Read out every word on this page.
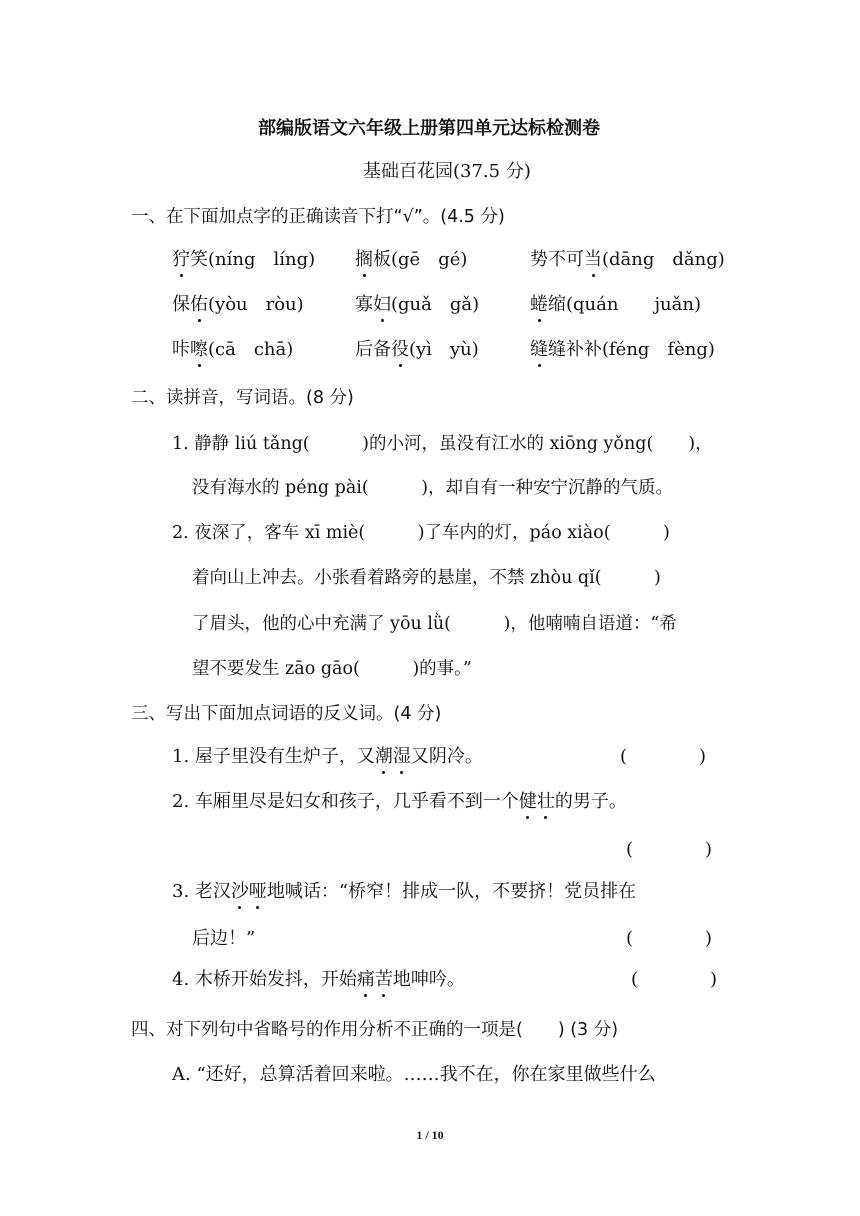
部编版语文六年级上册第四单元达标检测卷
基础百花园(37.5 分)
一、在下面加点字的正确读音下打“√”。(4.5 分)
狞笑(níng　líng) 搁板(gē　gé)	势不可当(dāng　dǎng)
保佑(yòu　ròu)	寡妇(guǎ　gǎ)	蜷缩(quán　　juǎn)
咔嚓(cā　chā)	后备役(yì　yù)	缝缝补补(féng　fèng)
二、读拼音，写词语。(8 分)
1. 静静 liú tǎng(　　　)的小河，虽没有江水的 xiōng yǒng(　　)，
没有海水的 péng pài(　　　)，却自有一种安宁沉静的气质。
2. 夜深了，客车 xī miè(　　　)了车内的灯，páo xiào(　　　)
着向山上冲去。小张看着路旁的悬崖，不禁 zhòu qǐ(　　　)
了眉头，他的心中充满了 yōu lǜ(　　　)，他喃喃自语道：“希
望不要发生 zāo gāo(　　　)的事。”
三、写出下面加点词语的反义词。(4 分)
1. 屋子里没有生炉子，又潮湿又阴冷。	(　　　　)
2. 车厢里尽是妇女和孩子，几乎看不到一个健壮的男子。
(　　　　)
3. 老汉沙哑地喊话：“桥窄！排成一队，不要挤！党员排在
后边！”	(　　　　)
4. 木桥开始发抖，开始痛苦地呻吟。	(　　　　)
四、对下列句中省略号的作用分析不正确的一项是(　　) (3 分)
A. “还好，总算活着回来啦。……我不在，你在家里做些什么
1 / 10
